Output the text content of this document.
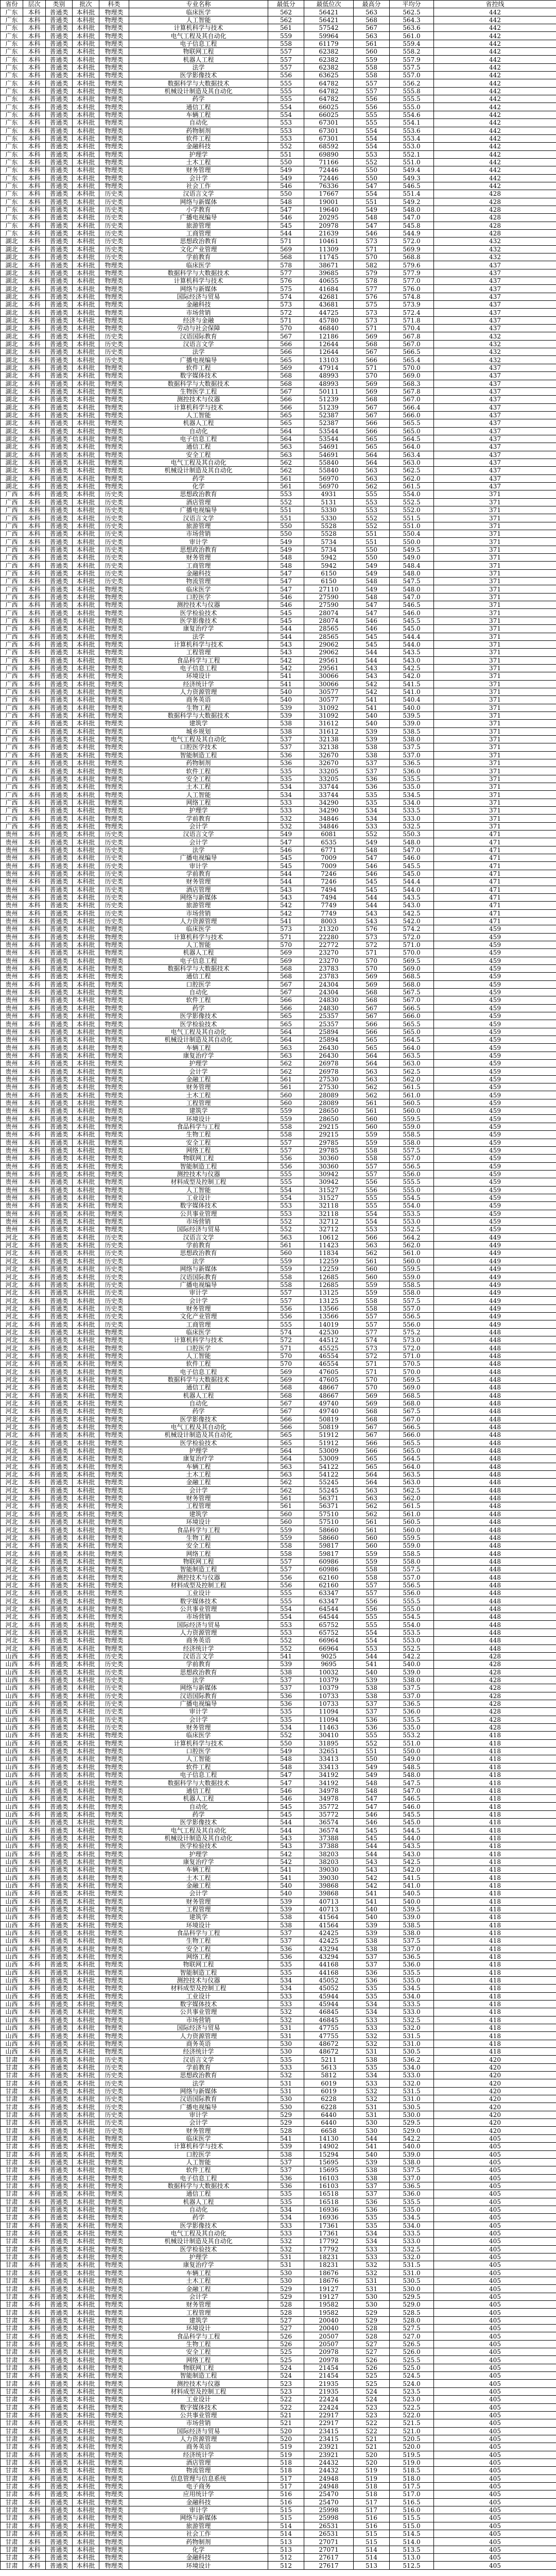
省份	层次	类别	批次	科类	专业名称	最低分	最低位次	最高分	平均分	省控线
广东	本科	普通类	本科批	物理类	临床医学	562	56421	563	562.5	442
广东	本科	普通类	本科批	物理类	人工智能	562	56421	568	564.3	442
广东	本科	普通类	本科批	物理类	计算机科学与技术	561	57542	567	563.6	442
广东	本科	普通类	本科批	物理类	电气工程及其自动化	559	59964	563	561.0	442
广东	本科	普通类	本科批	物理类	电子信息工程	558	61179	561	559.4	442
广东	本科	普通类	本科批	物理类	物联网工程	557	62382	560	558.2	442
广东	本科	普通类	本科批	物理类	机器人工程	557	62382	559	557.9	442
广东	本科	普通类	本科批	物理类	法学	557	62382	558	557.5	442
广东	本科	普通类	本科批	物理类	医学影像技术	556	63625	558	557.0	442
广东	本科	普通类	本科批	物理类	数据科学与大数据技术	555	64782	557	556.2	442
广东	本科	普通类	本科批	物理类	机械设计制造及其自动化	555	64782	557	555.8	442
广东	本科	普通类	本科批	物理类	药学	555	64782	556	555.5	442
广东	本科	普通类	本科批	物理类	通信工程	554	66025	556	555.0	442
广东	本科	普通类	本科批	物理类	车辆工程	554	66025	555	554.6	442
广东	本科	普通类	本科批	物理类	自动化	553	67301	555	554.1	442
广东	本科	普通类	本科批	物理类	药物制剂	553	67301	554	553.6	442
广东	本科	普通类	本科批	物理类	软件工程	553	67301	554	553.4	442
广东	本科	普通类	本科批	物理类	金融科技	552	68592	554	553.0	442
广东	本科	普通类	本科批	物理类	护理学	551	69890	553	552.1	442
广东	本科	普通类	本科批	物理类	土木工程	550	71166	552	551.0	442
广东	本科	普通类	本科批	物理类	财务管理	549	72446	550	549.4	442
广东	本科	普通类	本科批	物理类	会计学	549	72446	550	549.3	442
广东	本科	普通类	本科批	物理类	社会工作	546	76336	547	546.5	442
广东	本科	普通类	本科批	历史类	汉语言文学	550	17667	554	551.4	428
广东	本科	普通类	本科批	历史类	网络与新媒体	548	19001	551	549.2	428
广东	本科	普通类	本科批	历史类	小学教育	547	19640	549	548.0	428
广东	本科	普通类	本科批	历史类	广播电视编导	546	20295	548	547.0	428
广东	本科	普通类	本科批	历史类	旅游管理	545	20978	547	545.8	428
广东	本科	普通类	本科批	历史类	工商管理	544	21639	546	544.9	428
湖北	本科	普通类	本科批	历史类	思想政治教育	571	10461	573	572.0	432
湖北	本科	普通类	本科批	历史类	文化产业管理	569	11309	571	569.9	432
湖北	本科	普通类	本科批	历史类	学前教育	568	11745	570	568.8	432
湖北	本科	普通类	本科批	物理类	临床医学	578	38671	582	579.6	437
湖北	本科	普通类	本科批	物理类	数据科学与大数据技术	577	39685	579	577.9	437
湖北	本科	普通类	本科批	物理类	计算机科学与技术	576	40655	578	577.0	437
湖北	本科	普通类	本科批	物理类	网络与新媒体	575	41684	577	576.0	437
湖北	本科	普通类	本科批	物理类	国际经济与贸易	574	42681	576	574.8	437
湖北	本科	普通类	本科批	物理类	金融科技	573	43681	575	573.9	437
湖北	本科	普通类	本科批	物理类	市场营销	572	44725	573	572.4	437
湖北	本科	普通类	本科批	物理类	经济与金融	571	45780	573	571.8	437
湖北	本科	普通类	本科批	物理类	劳动与社会保障	570	46840	571	570.4	437
湖北	本科	普通类	本科批	历史类	汉语国际教育	567	12186	569	567.8	432
湖北	本科	普通类	本科批	历史类	汉语言文学	566	12644	568	567.0	432
湖北	本科	普通类	本科批	历史类	法学	566	12644	567	566.5	432
湖北	本科	普通类	本科批	历史类	广播电视编导	565	13103	566	565.4	432
湖北	本科	普通类	本科批	物理类	软件工程	569	47914	571	570.0	437
湖北	本科	普通类	本科批	物理类	数字媒体技术	568	48993	570	569.0	437
湖北	本科	普通类	本科批	物理类	数据科学与大数据技术	568	48993	569	568.3	437
湖北	本科	普通类	本科批	物理类	生物医学工程	567	50111	569	567.8	437
湖北	本科	普通类	本科批	物理类	测控技术与仪器	566	51239	568	567.0	437
湖北	本科	普通类	本科批	物理类	计算机科学与技术	566	51239	567	566.4	437
湖北	本科	普通类	本科批	物理类	人工智能	565	52387	567	566.0	437
湖北	本科	普通类	本科批	物理类	机器人工程	565	52387	566	565.5	437
湖北	本科	普通类	本科批	物理类	自动化	564	53544	566	565.0	437
湖北	本科	普通类	本科批	物理类	电子信息工程	564	53544	565	564.5	437
湖北	本科	普通类	本科批	物理类	通信工程	563	54691	565	564.0	437
湖北	本科	普通类	本科批	物理类	安全工程	563	54691	564	563.4	437
湖北	本科	普通类	本科批	物理类	电气工程及其自动化	562	55840	564	563.0	437
湖北	本科	普通类	本科批	物理类	机械设计制造及其自动化	562	55840	563	562.5	437
湖北	本科	普通类	本科批	物理类	药学	561	56970	563	562.0	437
湖北	本科	普通类	本科批	物理类	化学	561	56970	562	561.5	437
广西	本科	普通类	本科批	历史类	思想政治教育	553	4931	555	554.0	371
广西	本科	普通类	本科批	历史类	酒店管理	552	5131	553	552.5	371
广西	本科	普通类	本科批	历史类	广播电视编导	551	5330	553	552.0	371
广西	本科	普通类	本科批	历史类	汉语言文学	551	5330	552	551.5	371
广西	本科	普通类	本科批	历史类	旅游管理	550	5528	552	551.0	371
广西	本科	普通类	本科批	历史类	市场营销	550	5528	551	550.4	371
广西	本科	普通类	本科批	历史类	审计学	549	5734	551	550.0	371
广西	本科	普通类	本科批	历史类	思想政治教育	549	5734	550	549.5	371
广西	本科	普通类	本科批	历史类	财务管理	548	5942	550	549.0	371
广西	本科	普通类	本科批	历史类	工商管理	548	5942	549	548.4	371
广西	本科	普通类	本科批	历史类	金融科技	547	6150	549	548.0	371
广西	本科	普通类	本科批	历史类	物流管理	547	6150	548	547.5	371
广西	本科	普通类	本科批	物理类	临床医学	547	27110	549	548.0	371
广西	本科	普通类	本科批	物理类	口腔医学	546	27590	548	547.0	371
广西	本科	普通类	本科批	物理类	测控技术与仪器	546	27590	547	546.5	371
广西	本科	普通类	本科批	物理类	医学检验技术	545	28074	547	546.0	371
广西	本科	普通类	本科批	物理类	医学影像技术	545	28074	546	545.5	371
广西	本科	普通类	本科批	物理类	康复治疗学	544	28565	546	545.0	371
广西	本科	普通类	本科批	物理类	法学	544	28565	545	544.4	371
广西	本科	普通类	本科批	物理类	计算机科学与技术	543	29062	545	544.0	371
广西	本科	普通类	本科批	物理类	工程管理	543	29062	544	543.5	371
广西	本科	普通类	本科批	物理类	食品科学与工程	542	29561	544	543.0	371
广西	本科	普通类	本科批	物理类	电子信息工程	542	29561	543	542.5	371
广西	本科	普通类	本科批	物理类	环境设计	541	30066	543	542.0	371
广西	本科	普通类	本科批	物理类	经济统计学	541	30066	542	541.5	371
广西	本科	普通类	本科批	物理类	人力资源管理	540	30577	542	541.0	371
广西	本科	普通类	本科批	物理类	商务英语	540	30577	541	540.4	371
广西	本科	普通类	本科批	物理类	生物工程	539	31092	541	540.0	371
广西	本科	普通类	本科批	物理类	数据科学与大数据技术	539	31092	540	539.5	371
广西	本科	普通类	本科批	物理类	建筑学	538	31612	540	539.0	371
广西	本科	普通类	本科批	物理类	城乡规划	538	31612	539	538.5	371
广西	本科	普通类	本科批	物理类	电气工程及其自动化	537	32138	539	538.0	371
广西	本科	普通类	本科批	物理类	口腔医学技术	537	32138	538	537.5	371
广西	本科	普通类	本科批	物理类	智能制造工程	536	32670	538	537.0	371
广西	本科	普通类	本科批	物理类	药物制剂	536	32670	537	536.5	371
广西	本科	普通类	本科批	物理类	软件工程	535	33205	537	536.0	371
广西	本科	普通类	本科批	物理类	安全工程	535	33205	536	535.5	371
广西	本科	普通类	本科批	物理类	土木工程	534	33744	536	535.0	371
广西	本科	普通类	本科批	物理类	人工智能	534	33744	535	534.5	371
广西	本科	普通类	本科批	物理类	网络工程	533	34290	535	534.0	371
广西	本科	普通类	本科批	物理类	护理学	533	34290	534	533.5	371
广西	本科	普通类	本科批	物理类	学前教育	532	34846	534	533.0	371
广西	本科	普通类	本科批	物理类	会计学	532	34846	533	532.5	371
贵州	本科	普通类	本科批	历史类	汉语言文学	549	6081	552	550.3	471
贵州	本科	普通类	本科批	历史类	会计学	547	6535	549	548.0	471
贵州	本科	普通类	本科批	历史类	法学	546	6771	548	547.0	471
贵州	本科	普通类	本科批	历史类	广播电视编导	545	7009	547	546.0	471
贵州	本科	普通类	本科批	历史类	审计学	545	7009	546	545.5	471
贵州	本科	普通类	本科批	历史类	学前教育	544	7246	546	545.0	471
贵州	本科	普通类	本科批	历史类	财务管理	544	7246	545	544.4	471
贵州	本科	普通类	本科批	历史类	酒店管理	543	7494	545	544.0	471
贵州	本科	普通类	本科批	历史类	网络与新媒体	543	7494	544	543.5	471
贵州	本科	普通类	本科批	历史类	旅游管理	542	7749	544	543.0	471
贵州	本科	普通类	本科批	历史类	市场营销	542	7749	543	542.5	471
贵州	本科	普通类	本科批	历史类	人力资源管理	541	8003	543	542.0	471
贵州	本科	普通类	本科批	物理类	临床医学	573	21320	576	574.2	459
贵州	本科	普通类	本科批	物理类	计算机科学与技术	571	22280	573	572.0	459
贵州	本科	普通类	本科批	物理类	人工智能	570	22772	572	571.0	459
贵州	本科	普通类	本科批	物理类	机器人工程	569	23270	571	570.0	459
贵州	本科	普通类	本科批	物理类	电子信息工程	569	23270	570	569.5	459
贵州	本科	普通类	本科批	物理类	数据科学与大数据技术	568	23783	570	569.0	459
贵州	本科	普通类	本科批	物理类	通信工程	568	23783	569	568.5	459
贵州	本科	普通类	本科批	物理类	口腔医学	567	24304	569	568.0	459
贵州	本科	普通类	本科批	物理类	自动化	567	24304	568	567.5	459
贵州	本科	普通类	本科批	物理类	软件工程	566	24830	568	567.0	459
贵州	本科	普通类	本科批	物理类	药学	566	24830	567	566.5	459
贵州	本科	普通类	本科批	物理类	医学影像技术	565	25357	567	566.0	459
贵州	本科	普通类	本科批	物理类	医学检验技术	565	25357	566	565.5	459
贵州	本科	普通类	本科批	物理类	电气工程及其自动化	564	25894	566	565.0	459
贵州	本科	普通类	本科批	物理类	机械设计制造及其自动化	564	25894	565	564.5	459
贵州	本科	普通类	本科批	物理类	车辆工程	563	26430	565	564.0	459
贵州	本科	普通类	本科批	物理类	康复治疗学	563	26430	564	563.5	459
贵州	本科	普通类	本科批	物理类	护理学	562	26978	564	563.0	459
贵州	本科	普通类	本科批	物理类	会计学	562	26978	563	562.5	459
贵州	本科	普通类	本科批	物理类	金融工程	561	27530	563	562.0	459
贵州	本科	普通类	本科批	物理类	财务管理	561	27530	562	561.5	459
贵州	本科	普通类	本科批	物理类	土木工程	560	28089	562	561.0	459
贵州	本科	普通类	本科批	物理类	工程管理	560	28089	561	560.5	459
贵州	本科	普通类	本科批	物理类	建筑学	559	28650	561	560.0	459
贵州	本科	普通类	本科批	物理类	环境设计	559	28650	560	559.5	459
贵州	本科	普通类	本科批	物理类	食品科学与工程	558	29215	560	559.0	459
贵州	本科	普通类	本科批	物理类	生物工程	558	29215	559	558.5	459
贵州	本科	普通类	本科批	物理类	安全工程	557	29785	559	558.0	459
贵州	本科	普通类	本科批	物理类	网络工程	557	29785	558	557.5	459
贵州	本科	普通类	本科批	物理类	物联网工程	556	30360	558	557.0	459
贵州	本科	普通类	本科批	物理类	智能制造工程	556	30360	557	556.5	459
贵州	本科	普通类	本科批	物理类	测控技术与仪器	555	30942	557	556.0	459
贵州	本科	普通类	本科批	物理类	材料成型及控制工程	555	30942	556	555.5	459
贵州	本科	普通类	本科批	物理类	人工智能	554	31527	556	555.0	459
贵州	本科	普通类	本科批	物理类	工业设计	554	31527	555	554.5	459
贵州	本科	普通类	本科批	物理类	数字媒体技术	553	32118	555	554.0	459
贵州	本科	普通类	本科批	物理类	公共事业管理	553	32118	554	553.5	459
贵州	本科	普通类	本科批	物理类	市场营销	552	32712	554	553.0	459
贵州	本科	普通类	本科批	物理类	国际经济与贸易	552	32712	553	552.5	459
河北	本科	普通类	本科批	历史类	汉语言文学	563	10612	566	564.2	449
河北	本科	普通类	本科批	历史类	学前教育	561	11423	563	562.0	449
河北	本科	普通类	本科批	历史类	思想政治教育	560	11834	562	561.0	449
河北	本科	普通类	本科批	历史类	法学	559	12259	561	560.0	449
河北	本科	普通类	本科批	历史类	网络与新媒体	559	12259	560	559.5	449
河北	本科	普通类	本科批	历史类	汉语国际教育	558	12685	560	559.0	449
河北	本科	普通类	本科批	历史类	广播电视编导	558	12685	559	558.5	449
河北	本科	普通类	本科批	历史类	审计学	557	13125	559	558.0	449
河北	本科	普通类	本科批	历史类	会计学	557	13125	558	557.5	449
河北	本科	普通类	本科批	历史类	财务管理	556	13566	558	557.0	449
河北	本科	普通类	本科批	历史类	文化产业管理	556	13566	557	556.5	449
河北	本科	普通类	本科批	历史类	工商管理	555	14019	557	556.0	449
河北	本科	普通类	本科批	物理类	临床医学	574	42530	577	575.2	448
河北	本科	普通类	本科批	物理类	计算机科学与技术	572	44512	574	573.0	448
河北	本科	普通类	本科批	物理类	口腔医学	571	45525	573	572.0	448
河北	本科	普通类	本科批	物理类	人工智能	570	46554	572	571.0	448
河北	本科	普通类	本科批	物理类	软件工程	570	46554	571	570.5	448
河北	本科	普通类	本科批	物理类	电子信息工程	569	47605	571	570.0	448
河北	本科	普通类	本科批	物理类	数据科学与大数据技术	569	47605	570	569.5	448
河北	本科	普通类	本科批	物理类	通信工程	568	48667	570	569.0	448
河北	本科	普通类	本科批	物理类	机器人工程	568	48667	569	568.5	448
河北	本科	普通类	本科批	物理类	自动化	567	49740	569	568.0	448
河北	本科	普通类	本科批	物理类	药学	567	49740	568	567.5	448
河北	本科	普通类	本科批	物理类	医学影像技术	566	50819	568	567.0	448
河北	本科	普通类	本科批	物理类	电气工程及其自动化	566	50819	567	566.5	448
河北	本科	普通类	本科批	物理类	机械设计制造及其自动化	565	51912	567	566.0	448
河北	本科	普通类	本科批	物理类	医学检验技术	565	51912	566	565.5	448
河北	本科	普通类	本科批	物理类	护理学	564	53009	566	565.0	448
河北	本科	普通类	本科批	物理类	康复治疗学	564	53009	565	564.5	448
河北	本科	普通类	本科批	物理类	车辆工程	563	54122	565	564.0	448
河北	本科	普通类	本科批	物理类	土木工程	563	54122	564	563.5	448
河北	本科	普通类	本科批	物理类	金融工程	562	55245	564	563.0	448
河北	本科	普通类	本科批	物理类	会计学	562	55245	563	562.5	448
河北	本科	普通类	本科批	物理类	财务管理	561	56371	563	562.0	448
河北	本科	普通类	本科批	物理类	工程管理	561	56371	562	561.5	448
河北	本科	普通类	本科批	物理类	建筑学	560	57510	562	561.0	448
河北	本科	普通类	本科批	物理类	环境设计	560	57510	561	560.5	448
河北	本科	普通类	本科批	物理类	食品科学与工程	559	58660	561	560.0	448
河北	本科	普通类	本科批	物理类	生物工程	559	58660	560	559.5	448
河北	本科	普通类	本科批	物理类	安全工程	558	59817	560	559.0	448
河北	本科	普通类	本科批	物理类	网络工程	558	59817	559	558.5	448
河北	本科	普通类	本科批	物理类	物联网工程	557	60986	559	558.0	448
河北	本科	普通类	本科批	物理类	智能制造工程	557	60986	558	557.5	448
河北	本科	普通类	本科批	物理类	测控技术与仪器	556	62160	558	557.0	448
河北	本科	普通类	本科批	物理类	材料成型及控制工程	556	62160	557	556.5	448
河北	本科	普通类	本科批	物理类	工业设计	555	63347	557	556.0	448
河北	本科	普通类	本科批	物理类	数字媒体技术	555	63347	556	555.5	448
河北	本科	普通类	本科批	物理类	公共事业管理	554	64544	556	555.0	448
河北	本科	普通类	本科批	物理类	市场营销	554	64544	555	554.5	448
河北	本科	普通类	本科批	物理类	国际经济与贸易	553	65752	555	554.0	448
河北	本科	普通类	本科批	物理类	人力资源管理	553	65752	554	553.5	448
河北	本科	普通类	本科批	物理类	商务英语	552	66964	554	553.0	448
河北	本科	普通类	本科批	物理类	经济统计学	552	66964	553	552.5	448
山西	本科	普通类	本科批	历史类	汉语言文学	541	9025	544	542.2	428
山西	本科	普通类	本科批	历史类	学前教育	539	9695	541	540.0	428
山西	本科	普通类	本科批	历史类	思想政治教育	538	10032	540	539.0	428
山西	本科	普通类	本科批	历史类	法学	537	10379	539	538.0	428
山西	本科	普通类	本科批	历史类	网络与新媒体	537	10379	538	537.5	428
山西	本科	普通类	本科批	历史类	汉语国际教育	536	10733	538	537.0	428
山西	本科	普通类	本科批	历史类	广播电视编导	536	10733	537	536.5	428
山西	本科	普通类	本科批	历史类	审计学	535	11094	537	536.0	428
山西	本科	普通类	本科批	历史类	会计学	535	11094	536	535.5	428
山西	本科	普通类	本科批	历史类	财务管理	534	11463	536	535.0	428
山西	本科	普通类	本科批	物理类	临床医学	552	30410	555	553.2	418
山西	本科	普通类	本科批	物理类	计算机科学与技术	550	31895	552	551.0	418
山西	本科	普通类	本科批	物理类	口腔医学	549	32651	551	550.0	418
山西	本科	普通类	本科批	物理类	人工智能	548	33413	550	549.0	418
山西	本科	普通类	本科批	物理类	软件工程	548	33413	549	548.5	418
山西	本科	普通类	本科批	物理类	电子信息工程	547	34192	549	548.0	418
山西	本科	普通类	本科批	物理类	数据科学与大数据技术	547	34192	548	547.5	418
山西	本科	普通类	本科批	物理类	通信工程	546	34978	548	547.0	418
山西	本科	普通类	本科批	物理类	机器人工程	546	34978	547	546.5	418
山西	本科	普通类	本科批	物理类	自动化	545	35772	547	546.0	418
山西	本科	普通类	本科批	物理类	药学	545	35772	546	545.5	418
山西	本科	普通类	本科批	物理类	医学影像技术	544	36574	546	545.0	418
山西	本科	普通类	本科批	物理类	电气工程及其自动化	544	36574	545	544.5	418
山西	本科	普通类	本科批	物理类	机械设计制造及其自动化	543	37388	545	544.0	418
山西	本科	普通类	本科批	物理类	医学检验技术	543	37388	544	543.5	418
山西	本科	普通类	本科批	物理类	护理学	542	38203	544	543.0	418
山西	本科	普通类	本科批	物理类	康复治疗学	542	38203	543	542.5	418
山西	本科	普通类	本科批	物理类	车辆工程	541	39030	543	542.0	418
山西	本科	普通类	本科批	物理类	土木工程	541	39030	542	541.5	418
山西	本科	普通类	本科批	物理类	金融工程	540	39868	542	541.0	418
山西	本科	普通类	本科批	物理类	会计学	540	39868	541	540.5	418
山西	本科	普通类	本科批	物理类	财务管理	539	40713	541	540.0	418
山西	本科	普通类	本科批	物理类	工程管理	539	40713	540	539.5	418
山西	本科	普通类	本科批	物理类	建筑学	538	41564	540	539.0	418
山西	本科	普通类	本科批	物理类	环境设计	538	41564	539	538.5	418
山西	本科	普通类	本科批	物理类	食品科学与工程	537	42425	539	538.0	418
山西	本科	普通类	本科批	物理类	生物工程	537	42425	538	537.5	418
山西	本科	普通类	本科批	物理类	安全工程	536	43294	538	537.0	418
山西	本科	普通类	本科批	物理类	网络工程	536	43294	537	536.5	418
山西	本科	普通类	本科批	物理类	物联网工程	535	44168	537	536.0	418
山西	本科	普通类	本科批	物理类	智能制造工程	535	44168	536	535.5	418
山西	本科	普通类	本科批	物理类	测控技术与仪器	534	45052	536	535.0	418
山西	本科	普通类	本科批	物理类	材料成型及控制工程	534	45052	535	534.5	418
山西	本科	普通类	本科批	物理类	工业设计	533	45944	535	534.0	418
山西	本科	普通类	本科批	物理类	数字媒体技术	533	45944	534	533.5	418
山西	本科	普通类	本科批	物理类	公共事业管理	532	46845	534	533.0	418
山西	本科	普通类	本科批	物理类	市场营销	532	46845	533	532.5	418
山西	本科	普通类	本科批	物理类	国际经济与贸易	531	47755	533	532.0	418
山西	本科	普通类	本科批	物理类	人力资源管理	531	47755	532	531.5	418
山西	本科	普通类	本科批	物理类	商务英语	530	48672	532	531.0	418
山西	本科	普通类	本科批	物理类	经济统计学	530	48672	531	530.5	418
甘肃	本科	普通类	本科批	历史类	汉语言文学	535	5211	538	536.2	420
甘肃	本科	普通类	本科批	历史类	学前教育	533	5613	535	534.0	420
甘肃	本科	普通类	本科批	历史类	思想政治教育	532	5812	534	533.0	420
甘肃	本科	普通类	本科批	历史类	法学	531	6019	533	532.0	420
甘肃	本科	普通类	本科批	历史类	网络与新媒体	531	6019	532	531.5	420
甘肃	本科	普通类	本科批	历史类	汉语国际教育	530	6228	532	531.0	420
甘肃	本科	普通类	本科批	历史类	广播电视编导	530	6228	531	530.5	420
甘肃	本科	普通类	本科批	历史类	审计学	529	6440	531	530.0	420
甘肃	本科	普通类	本科批	历史类	会计学	529	6440	530	529.5	420
甘肃	本科	普通类	本科批	历史类	财务管理	528	6658	530	529.0	420
甘肃	本科	普通类	本科批	物理类	临床医学	541	14130	544	542.2	405
甘肃	本科	普通类	本科批	物理类	计算机科学与技术	539	14902	541	540.0	405
甘肃	本科	普通类	本科批	物理类	口腔医学	538	15294	540	539.0	405
甘肃	本科	普通类	本科批	物理类	人工智能	537	15695	539	538.0	405
甘肃	本科	普通类	本科批	物理类	软件工程	537	15695	538	537.5	405
甘肃	本科	普通类	本科批	物理类	电子信息工程	536	16103	538	537.0	405
甘肃	本科	普通类	本科批	物理类	数据科学与大数据技术	536	16103	537	536.5	405
甘肃	本科	普通类	本科批	物理类	通信工程	535	16518	537	536.0	405
甘肃	本科	普通类	本科批	物理类	机器人工程	535	16518	536	535.5	405
甘肃	本科	普通类	本科批	物理类	自动化	534	16936	536	535.0	405
甘肃	本科	普通类	本科批	物理类	药学	534	16936	535	534.5	405
甘肃	本科	普通类	本科批	物理类	医学影像技术	533	17361	535	534.0	405
甘肃	本科	普通类	本科批	物理类	电气工程及其自动化	533	17361	534	533.5	405
甘肃	本科	普通类	本科批	物理类	机械设计制造及其自动化	532	17792	534	533.0	405
甘肃	本科	普通类	本科批	物理类	医学检验技术	532	17792	533	532.5	405
甘肃	本科	普通类	本科批	物理类	护理学	531	18231	533	532.0	405
甘肃	本科	普通类	本科批	物理类	康复治疗学	531	18231	532	531.5	405
甘肃	本科	普通类	本科批	物理类	车辆工程	530	18676	532	531.0	405
甘肃	本科	普通类	本科批	物理类	土木工程	530	18676	531	530.5	405
甘肃	本科	普通类	本科批	物理类	金融工程	529	19127	531	530.0	405
甘肃	本科	普通类	本科批	物理类	会计学	529	19127	530	529.5	405
甘肃	本科	普通类	本科批	物理类	财务管理	528	19582	530	529.0	405
甘肃	本科	普通类	本科批	物理类	工程管理	528	19582	529	528.5	405
甘肃	本科	普通类	本科批	物理类	建筑学	527	20040	529	528.0	405
甘肃	本科	普通类	本科批	物理类	环境设计	527	20040	528	527.5	405
甘肃	本科	普通类	本科批	物理类	食品科学与工程	526	20507	528	527.0	405
甘肃	本科	普通类	本科批	物理类	生物工程	526	20507	527	526.5	405
甘肃	本科	普通类	本科批	物理类	安全工程	525	20978	527	526.0	405
甘肃	本科	普通类	本科批	物理类	网络工程	525	20978	526	525.5	405
甘肃	本科	普通类	本科批	物理类	物联网工程	524	21454	526	525.0	405
甘肃	本科	普通类	本科批	物理类	智能制造工程	524	21454	525	524.5	405
甘肃	本科	普通类	本科批	物理类	测控技术与仪器	523	21935	525	524.0	405
甘肃	本科	普通类	本科批	物理类	材料成型及控制工程	523	21935	524	523.5	405
甘肃	本科	普通类	本科批	物理类	工业设计	522	22424	524	523.0	405
甘肃	本科	普通类	本科批	物理类	数字媒体技术	522	22424	523	522.5	405
甘肃	本科	普通类	本科批	物理类	公共事业管理	521	22917	523	522.0	405
甘肃	本科	普通类	本科批	物理类	市场营销	521	22917	522	521.5	405
甘肃	本科	普通类	本科批	物理类	国际经济与贸易	520	23415	522	521.0	405
甘肃	本科	普通类	本科批	物理类	人力资源管理	520	23415	521	520.5	405
甘肃	本科	普通类	本科批	物理类	商务英语	519	23921	521	520.0	405
甘肃	本科	普通类	本科批	物理类	经济统计学	519	23921	520	519.5	405
甘肃	本科	普通类	本科批	物理类	酒店管理	518	24432	520	519.0	405
甘肃	本科	普通类	本科批	物理类	物流管理	518	24432	519	518.5	405
甘肃	本科	普通类	本科批	物理类	信息管理与信息系统	517	24948	519	518.0	405
甘肃	本科	普通类	本科批	物理类	电子商务	517	24948	518	517.5	405
甘肃	本科	普通类	本科批	物理类	应用统计学	516	25470	518	517.0	405
甘肃	本科	普通类	本科批	物理类	金融科技	516	25470	517	516.5	405
甘肃	本科	普通类	本科批	物理类	审计学	515	25998	517	516.0	405
甘肃	本科	普通类	本科批	物理类	网络与新媒体	515	25998	516	515.5	405
甘肃	本科	普通类	本科批	物理类	旅游管理	514	26531	516	515.0	405
甘肃	本科	普通类	本科批	物理类	社会工作	514	26531	515	514.5	405
甘肃	本科	普通类	本科批	物理类	药物制剂	513	27071	515	514.0	405
甘肃	本科	普通类	本科批	物理类	化学	513	27071	514	513.5	405
甘肃	本科	普通类	本科批	物理类	金融科技	512	27617	514	513.0	405
甘肃	本科	普通类	本科批	物理类	环境设计	512	27617	513	512.5	405
